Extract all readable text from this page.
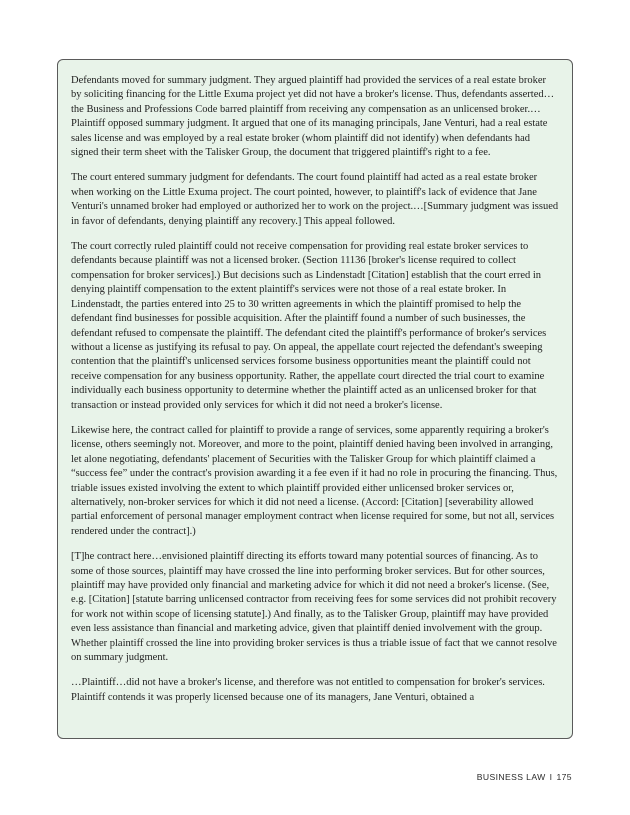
Defendants moved for summary judgment. They argued plaintiff had provided the services of a real estate broker by soliciting financing for the Little Exuma project yet did not have a broker's license. Thus, defendants asserted…the Business and Professions Code barred plaintiff from receiving any compensation as an unlicensed broker.…Plaintiff opposed summary judgment. It argued that one of its managing principals, Jane Venturi, had a real estate sales license and was employed by a real estate broker (whom plaintiff did not identify) when defendants had signed their term sheet with the Talisker Group, the document that triggered plaintiff's right to a fee.

The court entered summary judgment for defendants. The court found plaintiff had acted as a real estate broker when working on the Little Exuma project. The court pointed, however, to plaintiff's lack of evidence that Jane Venturi's unnamed broker had employed or authorized her to work on the project.…[Summary judgment was issued in favor of defendants, denying plaintiff any recovery.] This appeal followed.

The court correctly ruled plaintiff could not receive compensation for providing real estate broker services to defendants because plaintiff was not a licensed broker. (Section 11136 [broker's license required to collect compensation for broker services].) But decisions such as Lindenstadt [Citation] establish that the court erred in denying plaintiff compensation to the extent plaintiff's services were not those of a real estate broker. In Lindenstadt, the parties entered into 25 to 30 written agreements in which the plaintiff promised to help the defendant find businesses for possible acquisition. After the plaintiff found a number of such businesses, the defendant refused to compensate the plaintiff. The defendant cited the plaintiff's performance of broker's services without a license as justifying its refusal to pay. On appeal, the appellate court rejected the defendant's sweeping contention that the plaintiff's unlicensed services forsome business opportunities meant the plaintiff could not receive compensation for any business opportunity. Rather, the appellate court directed the trial court to examine individually each business opportunity to determine whether the plaintiff acted as an unlicensed broker for that transaction or instead provided only services for which it did not need a broker's license.

Likewise here, the contract called for plaintiff to provide a range of services, some apparently requiring a broker's license, others seemingly not. Moreover, and more to the point, plaintiff denied having been involved in arranging, let alone negotiating, defendants' placement of Securities with the Talisker Group for which plaintiff claimed a “success fee” under the contract's provision awarding it a fee even if it had no role in procuring the financing. Thus, triable issues existed involving the extent to which plaintiff provided either unlicensed broker services or, alternatively, non-broker services for which it did not need a license. (Accord: [Citation] [severability allowed partial enforcement of personal manager employment contract when license required for some, but not all, services rendered under the contract].)

[T]he contract here…envisioned plaintiff directing its efforts toward many potential sources of financing. As to some of those sources, plaintiff may have crossed the line into performing broker services. But for other sources, plaintiff may have provided only financial and marketing advice for which it did not need a broker's license. (See, e.g. [Citation] [statute barring unlicensed contractor from receiving fees for some services did not prohibit recovery for work not within scope of licensing statute].) And finally, as to the Talisker Group, plaintiff may have provided even less assistance than financial and marketing advice, given that plaintiff denied involvement with the group. Whether plaintiff crossed the line into providing broker services is thus a triable issue of fact that we cannot resolve on summary judgment.

…Plaintiff…did not have a broker's license, and therefore was not entitled to compensation for broker's services. Plaintiff contends it was properly licensed because one of its managers, Jane Venturi, obtained a

BUSINESS LAW I 175
